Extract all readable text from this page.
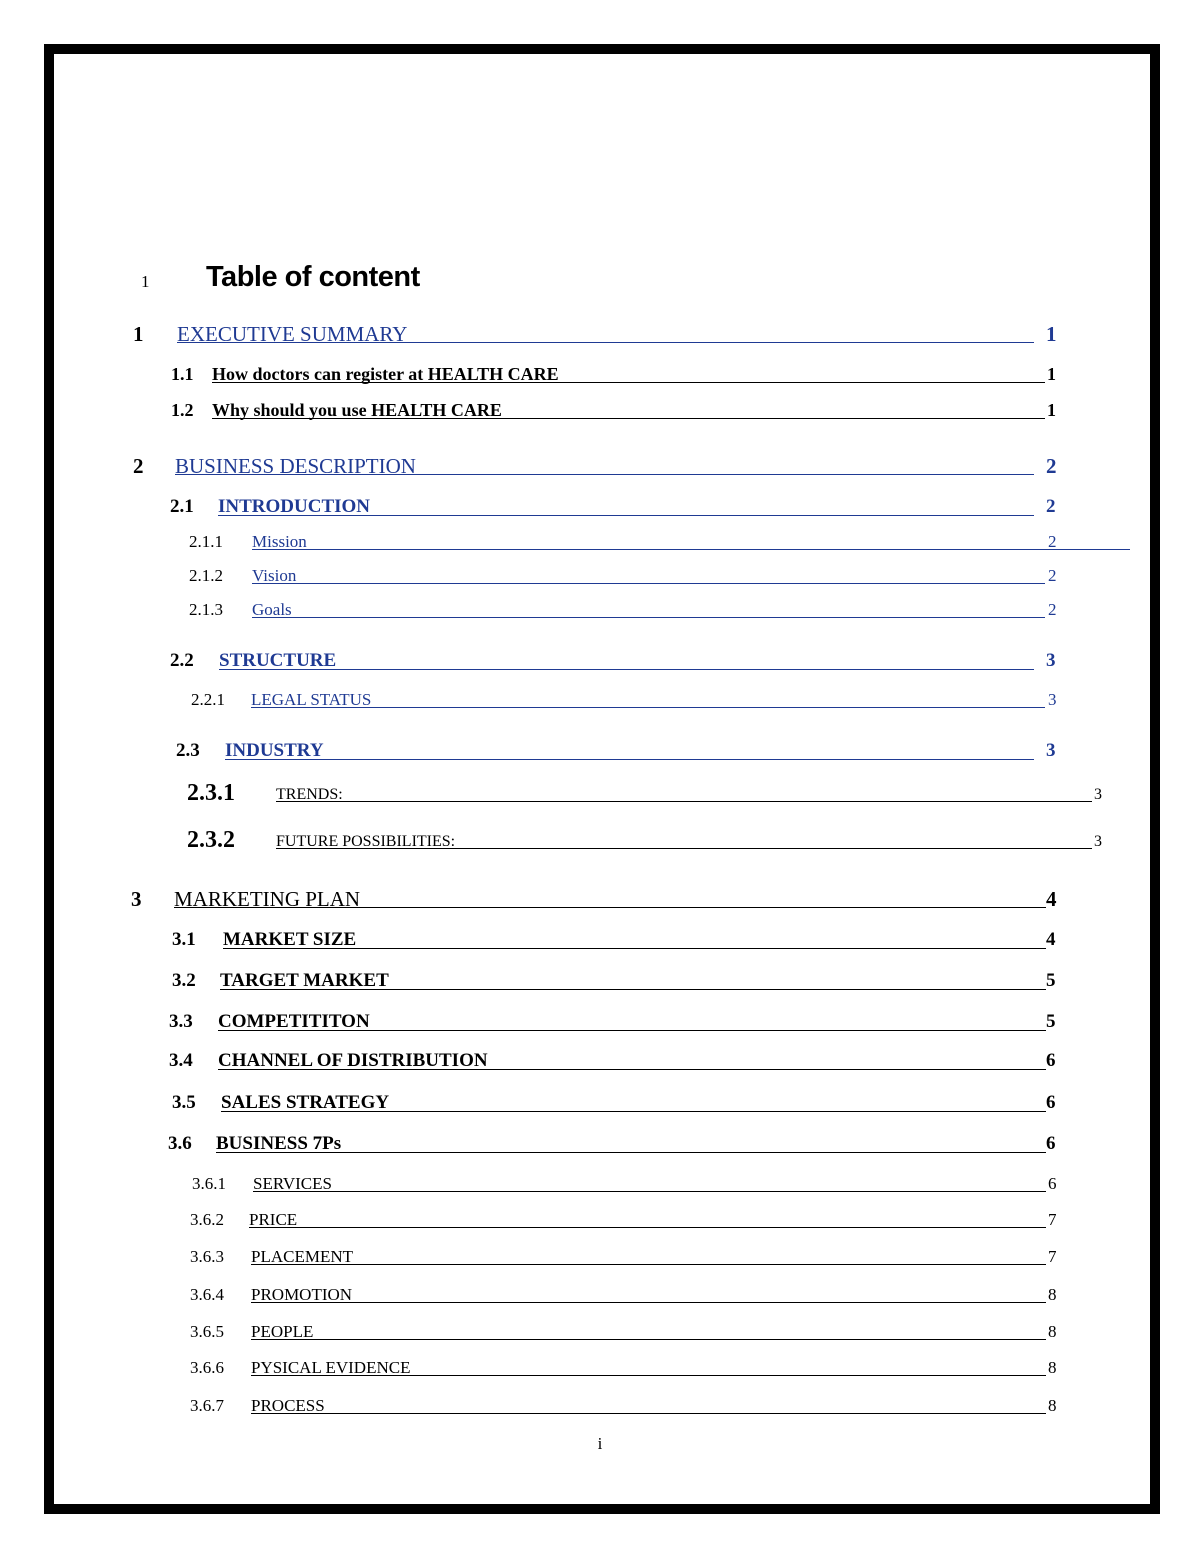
1 Table of content
1 EXECUTIVE SUMMARY	1
1.1 How doctors can register at HEALTH CARE	1
1.2 Why should you use HEALTH CARE	1
2 BUSINESS DESCRIPTION	2
2.1 INTRODUCTION	2
2.1.1 Mission	2
2.1.2 Vision	2
2.1.3 Goals	2
2.2 STRUCTURE	3
2.2.1 LEGAL STATUS	3
2.3 INDUSTRY	3
2.3.1	TRENDS:	3
2.3.2	FUTURE POSSIBILITIES:	3
3 MARKETING PLAN	4
3.1 MARKET SIZE	4
3.2 TARGET MARKET	5
3.3 COMPETITITON	5
3.4 CHANNEL OF DISTRIBUTION	6
3.5 SALES STRATEGY	6
3.6 BUSINESS 7Ps	6
3.6.1 SERVICES	6
3.6.2 PRICE	7
3.6.3 PLACEMENT	7
3.6.4 PROMOTION	8
3.6.5 PEOPLE	8
3.6.6 PYSICAL EVIDENCE	8
3.6.7 PROCESS	8
i
